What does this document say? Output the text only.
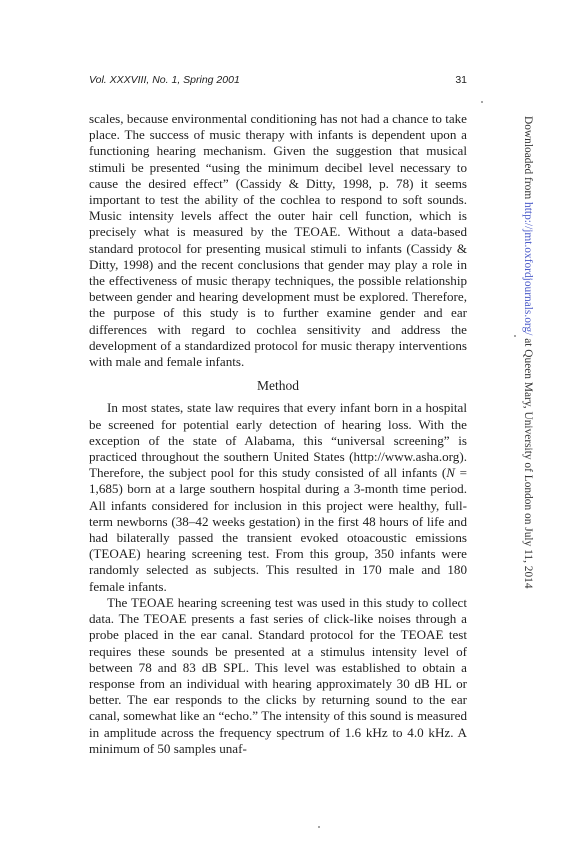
Vol. XXXVIII, No. 1, Spring 2001	31

scales, because environmental conditioning has not had a chance to take place. The success of music therapy with infants is dependent upon a functioning hearing mechanism. Given the suggestion that musical stimuli be presented “using the minimum decibel level necessary to cause the desired effect” (Cassidy & Ditty, 1998, p. 78) it seems important to test the ability of the cochlea to respond to soft sounds. Music intensity levels affect the outer hair cell function, which is precisely what is measured by the TEOAE. Without a data-based standard protocol for presenting musical stimuli to infants (Cassidy & Ditty, 1998) and the recent conclusions that gender may play a role in the effectiveness of music therapy techniques, the possible relationship between gender and hearing development must be explored. Therefore, the purpose of this study is to further examine gender and ear differences with regard to cochlea sensitivity and address the development of a standardized protocol for music therapy interventions with male and female infants.

Method

In most states, state law requires that every infant born in a hospital be screened for potential early detection of hearing loss. With the exception of the state of Alabama, this “universal screening” is practiced throughout the southern United States (http://www.asha.org). Therefore, the subject pool for this study consisted of all infants (N = 1,685) born at a large southern hospital during a 3-month time period. All infants considered for inclusion in this project were healthy, full-term newborns (38–42 weeks gestation) in the first 48 hours of life and had bilaterally passed the transient evoked otoacoustic emissions (TEOAE) hearing screening test. From this group, 350 infants were randomly selected as subjects. This resulted in 170 male and 180 female infants.

The TEOAE hearing screening test was used in this study to collect data. The TEOAE presents a fast series of click-like noises through a probe placed in the ear canal. Standard protocol for the TEOAE test requires these sounds be presented at a stimulus intensity level of between 78 and 83 dB SPL. This level was established to obtain a response from an individual with hearing approximately 30 dB HL or better. The ear responds to the clicks by returning sound to the ear canal, somewhat like an “echo.” The intensity of this sound is measured in amplitude across the frequency spectrum of 1.6 kHz to 4.0 kHz. A minimum of 50 samples unaf-

Downloaded from http://jmt.oxfordjournals.org/ at Queen Mary, University of London on July 11, 2014
